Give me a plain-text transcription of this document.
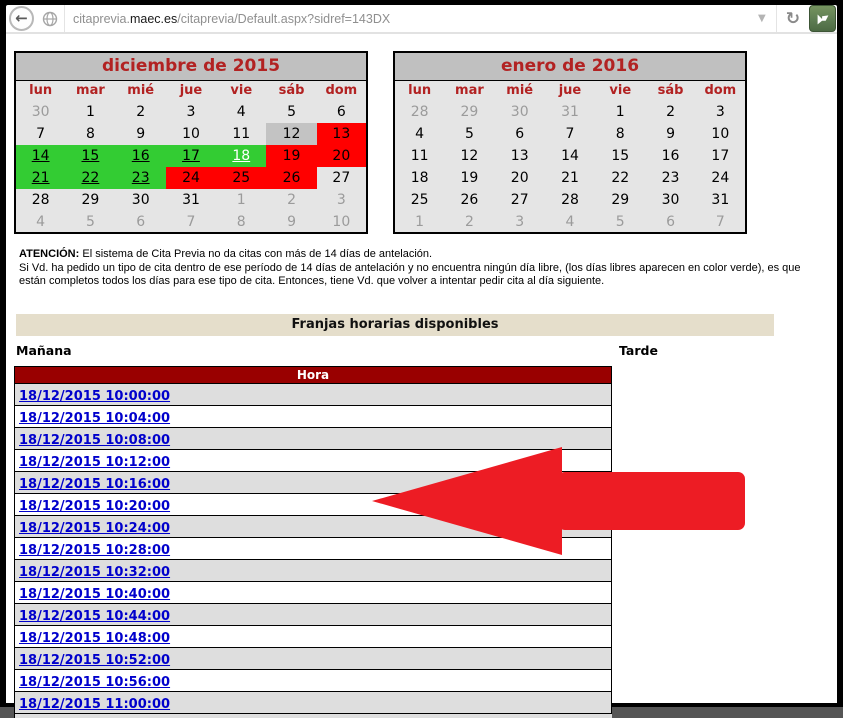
←	citaprevia. maec.es /citaprevia/Default.aspx?sidref=143DX	▼	↻
diciembre de 2015						
lun	mar	mié	jue	vie	sáb	dom
30	1	2	3	4	5	6
7	8	9	10	11	12	13
14	15	16	17	18	19	20
21	22	23	24	25	26	27
28	29	30	31	1	2	3
4	5	6	7	8	9	10
enero de 2016						
lun	mar	mié	jue	vie	sáb	dom
28	29	30	31	1	2	3
4	5	6	7	8	9	10
11	12	13	14	15	16	17
18	19	20	21	22	23	24
25	26	27	28	29	30	31
1	2	3	4	5	6	7
ATENCIÓN: El sistema de Cita Previa no da citas con más de 14 días de antelación.
Si Vd. ha pedido un tipo de cita dentro de ese período de 14 días de antelación y no encuentra ningún día libre, (los días libres aparecen en color verde), es que están completos todos los días para ese tipo de cita. Entonces, tiene Vd. que volver a intentar pedir cita al día siguiente.
Franjas horarias disponibles
Mañana	Tarde
Hora
18/12/2015 10:00:00
18/12/2015 10:04:00
18/12/2015 10:08:00
18/12/2015 10:12:00
18/12/2015 10:16:00
18/12/2015 10:20:00
18/12/2015 10:24:00
18/12/2015 10:28:00
18/12/2015 10:32:00
18/12/2015 10:40:00
18/12/2015 10:44:00
18/12/2015 10:48:00
18/12/2015 10:52:00
18/12/2015 10:56:00
18/12/2015 11:00:00
